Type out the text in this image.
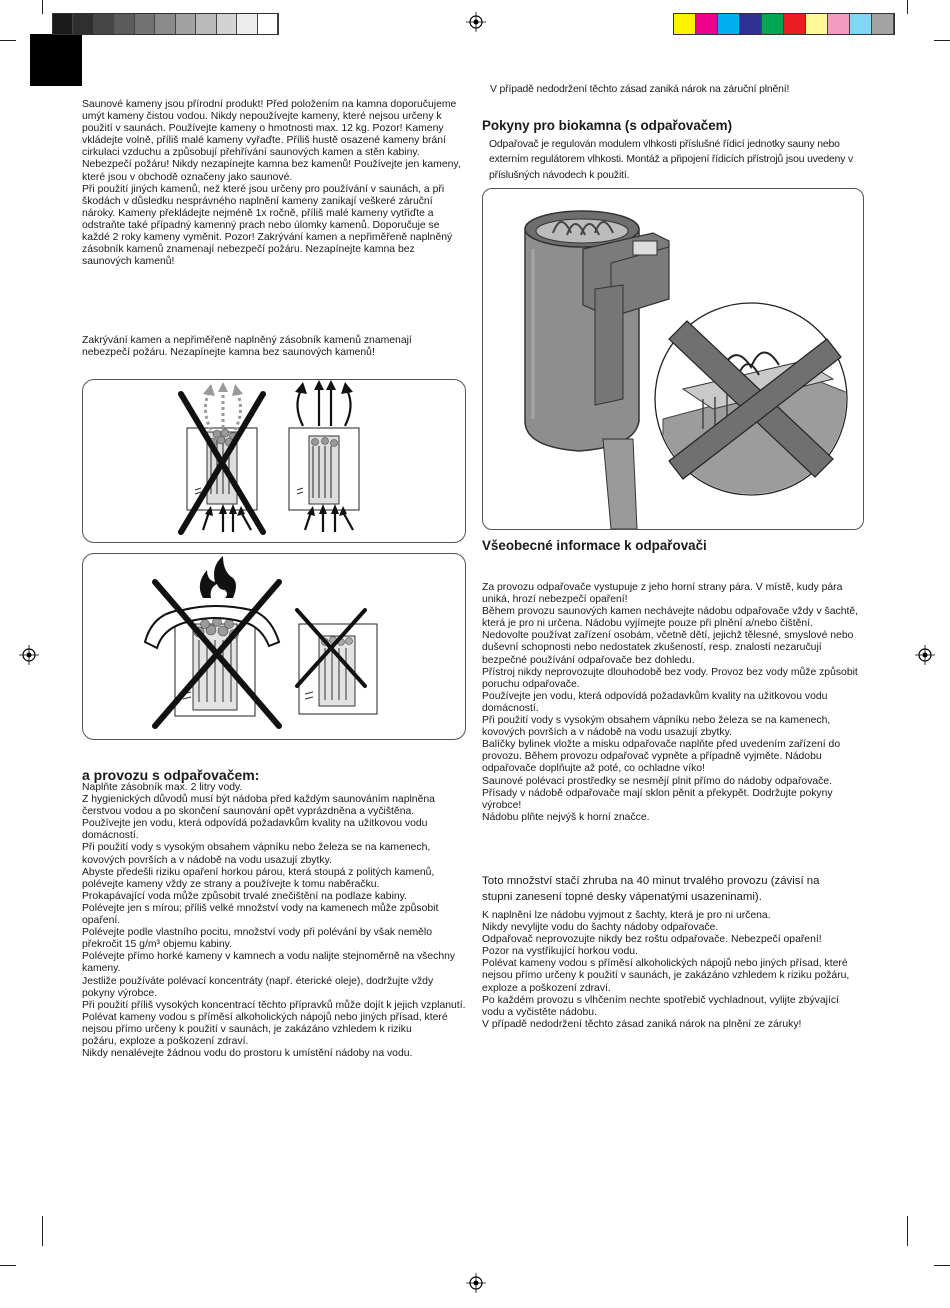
Saunové kameny jsou přírodní produkt! Před položením na kamna doporučujeme umýt kameny čistou vodou. Nikdy nepoužívejte kameny, které nejsou určeny k použití v saunách. Používejte kameny o hmotnosti max. 12 kg. Pozor! Kameny vkládejte volně, příliš malé kameny vyřaďte. Příliš hustě osazené kameny brání cirkulaci vzduchu a způsobují přehřívání saunových kamen a stěn kabiny. Nebezpečí požáru! Nikdy nezapínejte kamna bez kamenů! Používejte jen kameny, které jsou v obchodě označeny jako saunové.
Při použití jiných kamenů, než které jsou určeny pro používání v saunách, a při škodách v důsledku nesprávného naplnění kameny zanikají veškeré záruční nároky. Kameny překládejte nejméně 1x ročně, příliš malé kameny vytřiďte a odstraňte také případný kamenný prach nebo úlomky kamenů. Doporučuje se každé 2 roky kameny vyměnit. Pozor! Zakrývání kamen a nepřiměřeně naplněný zásobník kamenů znamenají nebezpečí požáru. Nezapínejte kamna bez saunových kamenů!

Zakrývání kamen a nepřiměřeně naplněný zásobník kamenů znamenají nebezpečí požáru. Nezapínejte kamna bez saunových kamenů!

a provozu s odpařovačem:

Naplňte zásobník max. 2 litry vody.
Z hygienických důvodů musí být nádoba před každým saunováním naplněna čerstvou vodou a po skončení saunování opět vyprázdněna a vyčištěna.
Používejte jen vodu, která odpovídá požadavkům kvality na užitkovou vodu domácností.
Při použití vody s vysokým obsahem vápníku nebo železa se na kamenech, kovových površích a v nádobě na vodu usazují zbytky.
Abyste předešli riziku opaření horkou párou, která stoupá z politých kamenů, polévejte kameny vždy ze strany a používejte k tomu naběračku.
Prokapávající voda může způsobit trvalé znečištění na podlaze kabiny.
Polévejte jen s mírou; příliš velké množství vody na kamenech může způsobit opaření.
Polévejte podle vlastního pocitu, množství vody při polévání by však nemělo překročit 15 g/m³ objemu kabiny.
Polévejte přímo horké kameny v kamnech a vodu nalijte stejnoměrně na všechny kameny.
Jestliže používáte polévací koncentráty (např. éterické oleje), dodržujte vždy pokyny výrobce.
Při použití příliš vysokých koncentrací těchto přípravků může dojít k jejich vzplanutí.
Polévat kameny vodou s příměsí alkoholických nápojů nebo jiných přísad, které nejsou přímo určeny k použití v saunách, je zakázáno vzhledem k riziku
požáru, exploze a poškození zdraví.
Nikdy nenalévejte žádnou vodu do prostoru k umístění nádoby na vodu.

V případě nedodržení těchto zásad zaniká nárok na záruční plnění!

Pokyny pro biokamna (s odpařovačem)

Odpařovač je regulován modulem vlhkosti příslušné řídicí jednotky sauny nebo externím regulátorem vlhkosti. Montáž a připojení řídicích přístrojů jsou uvedeny v příslušných návodech k použití.

Všeobecné informace k odpařovači

Za provozu odpařovače vystupuje z jeho horní strany pára. V místě, kudy pára uniká, hrozí nebezpečí opaření!
Během provozu saunových kamen nechávejte nádobu odpařovače vždy v šachtě, která je pro ni určena. Nádobu vyjímejte pouze při plnění a/nebo čištění.
Nedovolte používat zařízení osobám, včetně dětí, jejichž tělesné, smyslové nebo duševní schopnosti nebo nedostatek zkušeností, resp. znalostí nezaručují bezpečné používání odpařovače bez dohledu.
Přístroj nikdy neprovozujte dlouhodobě bez vody. Provoz bez vody může způsobit poruchu odpařovače.
Používejte jen vodu, která odpovídá požadavkům kvality na užitkovou vodu domácností.
Při použití vody s vysokým obsahem vápníku nebo železa se na kamenech, kovových površích a v nádobě na vodu usazují zbytky.
Balíčky bylinek vložte a misku odpařovače naplňte před uvedením zařízení do provozu. Během provozu odpařovač vypněte a případně vyjměte. Nádobu odpařovače doplňujte až poté, co ochladne víko!
Saunové polévací prostředky se nesmějí plnit přímo do nádoby odpařovače.
Přísady v nádobě odpařovače mají sklon pěnit a překypět. Dodržujte pokyny výrobce!
Nádobu plňte nejvýš k horní značce.

Toto množství stačí zhruba na 40 minut trvalého provozu (závisí na stupni zanesení topné desky vápenatými usazeninami).

K naplnění lze nádobu vyjmout z šachty, která je pro ni určena.
Nikdy nevylijte vodu do šachty nádoby odpařovače.
Odpařovač neprovozujte nikdy bez roštu odpařovače. Nebezpečí opaření!
Pozor na vystřikující horkou vodu.
Polévat kameny vodou s příměsí alkoholických nápojů nebo jiných přísad, které nejsou přímo určeny k použití v saunách, je zakázáno vzhledem k riziku požáru, exploze a poškození zdraví.
Po každém provozu s vlhčením nechte spotřebič vychladnout, vylijte zbývající vodu a vyčistěte nádobu.
V případě nedodržení těchto zásad zaniká nárok na plnění ze záruky!
